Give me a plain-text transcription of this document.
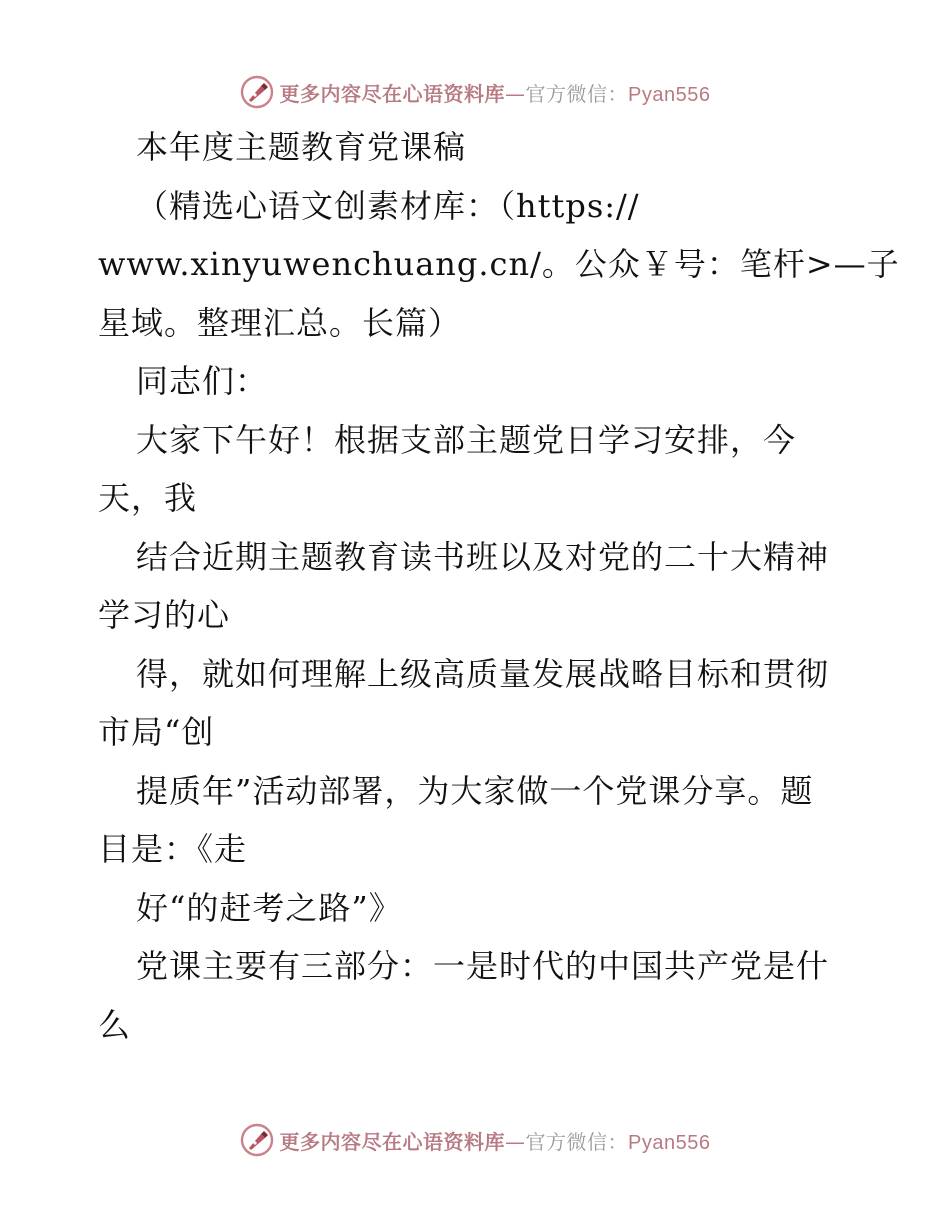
更多内容尽在心语资料库—官方微信：Pyan556
本年度主题教育党课稿
（精选心语文创素材库：（https://
www.xinyuwenchuang.cn/。公众￥号：笔杆>—子
星域。整理汇总。长篇）
同志们：
大家下午好！根据支部主题党日学习安排，今
天，我
结合近期主题教育读书班以及对党的二十大精神
学习的心
得，就如何理解上级高质量发展战略目标和贯彻
市局“创
提质年”活动部署，为大家做一个党课分享。题
目是：《走
好“的赶考之路”》
党课主要有三部分：一是时代的中国共产党是什
么
更多内容尽在心语资料库—官方微信：Pyan556
